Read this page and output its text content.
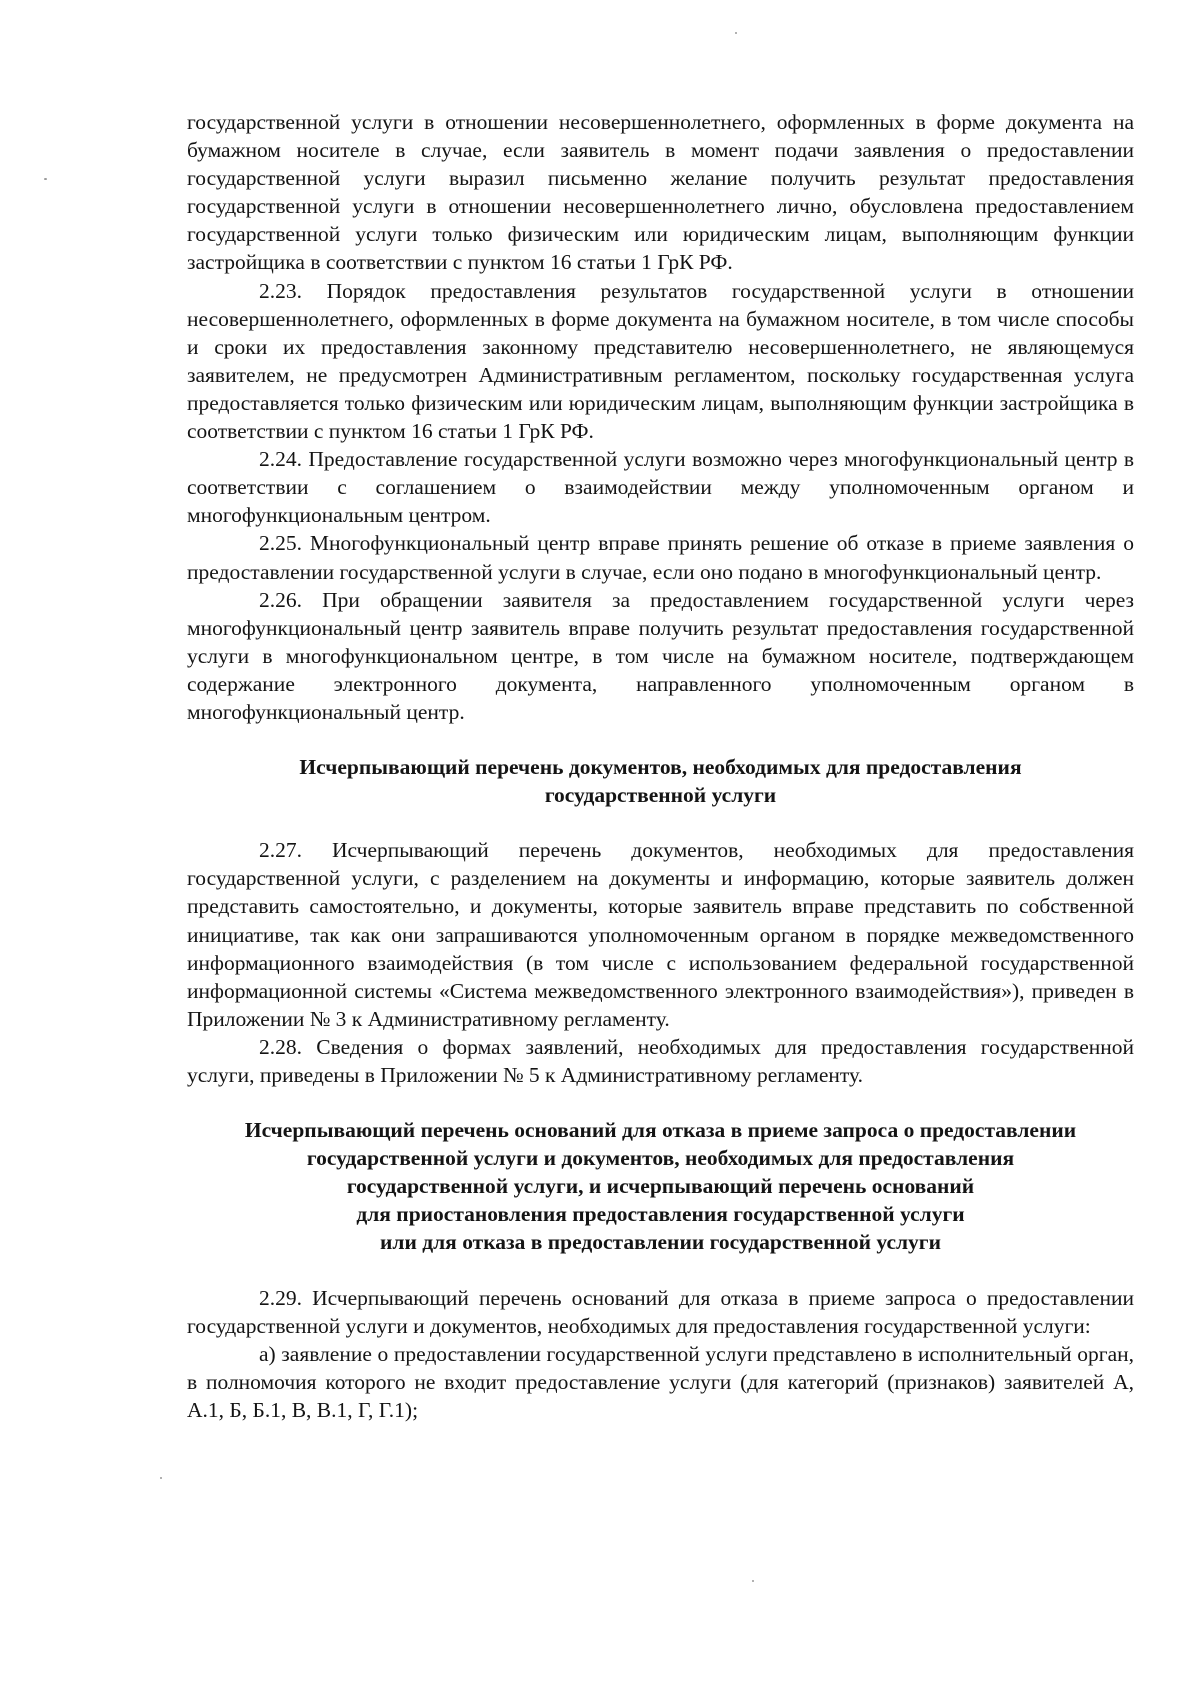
государственной услуги в отношении несовершеннолетнего, оформленных в форме документа на бумажном носителе в случае, если заявитель в момент подачи заявления о предоставлении государственной услуги выразил письменно желание получить результат предоставления государственной услуги в отношении несовершеннолетнего лично, обусловлена предоставлением государственной услуги только физическим или юридическим лицам, выполняющим функции застройщика в соответствии с пунктом 16 статьи 1 ГрК РФ.

2.23. Порядок предоставления результатов государственной услуги в отношении несовершеннолетнего, оформленных в форме документа на бумажном носителе, в том числе способы и сроки их предоставления законному представителю несовершеннолетнего, не являющемуся заявителем, не предусмотрен Административным регламентом, поскольку государственная услуга предоставляется только физическим или юридическим лицам, выполняющим функции застройщика в соответствии с пунктом 16 статьи 1 ГрК РФ.

2.24. Предоставление государственной услуги возможно через многофункциональный центр в соответствии с соглашением о взаимодействии между уполномоченным органом и многофункциональным центром.

2.25. Многофункциональный центр вправе принять решение об отказе в приеме заявления о предоставлении государственной услуги в случае, если оно подано в многофункциональный центр.

2.26. При обращении заявителя за предоставлением государственной услуги через многофункциональный центр заявитель вправе получить результат предоставления государственной услуги в многофункциональном центре, в том числе на бумажном носителе, подтверждающем содержание электронного документа, направленного уполномоченным органом в многофункциональный центр.

Исчерпывающий перечень документов, необходимых для предоставления
государственной услуги

2.27. Исчерпывающий перечень документов, необходимых для предоставления государственной услуги, с разделением на документы и информацию, которые заявитель должен представить самостоятельно, и документы, которые заявитель вправе представить по собственной инициативе, так как они запрашиваются уполномоченным органом в порядке межведомственного информационного взаимодействия (в том числе с использованием федеральной государственной информационной системы «Система межведомственного электронного взаимодействия»), приведен в Приложении № 3 к Административному регламенту.

2.28. Сведения о формах заявлений, необходимых для предоставления государственной услуги, приведены в Приложении № 5 к Административному регламенту.

Исчерпывающий перечень оснований для отказа в приеме запроса о предоставлении
государственной услуги и документов, необходимых для предоставления
государственной услуги, и исчерпывающий перечень оснований
для приостановления предоставления государственной услуги
или для отказа в предоставлении государственной услуги

2.29. Исчерпывающий перечень оснований для отказа в приеме запроса о предоставлении государственной услуги и документов, необходимых для предоставления государственной услуги:

а) заявление о предоставлении государственной услуги представлено в исполнительный орган, в полномочия которого не входит предоставление услуги (для категорий (признаков) заявителей А, А.1, Б, Б.1, В, В.1, Г, Г.1);
